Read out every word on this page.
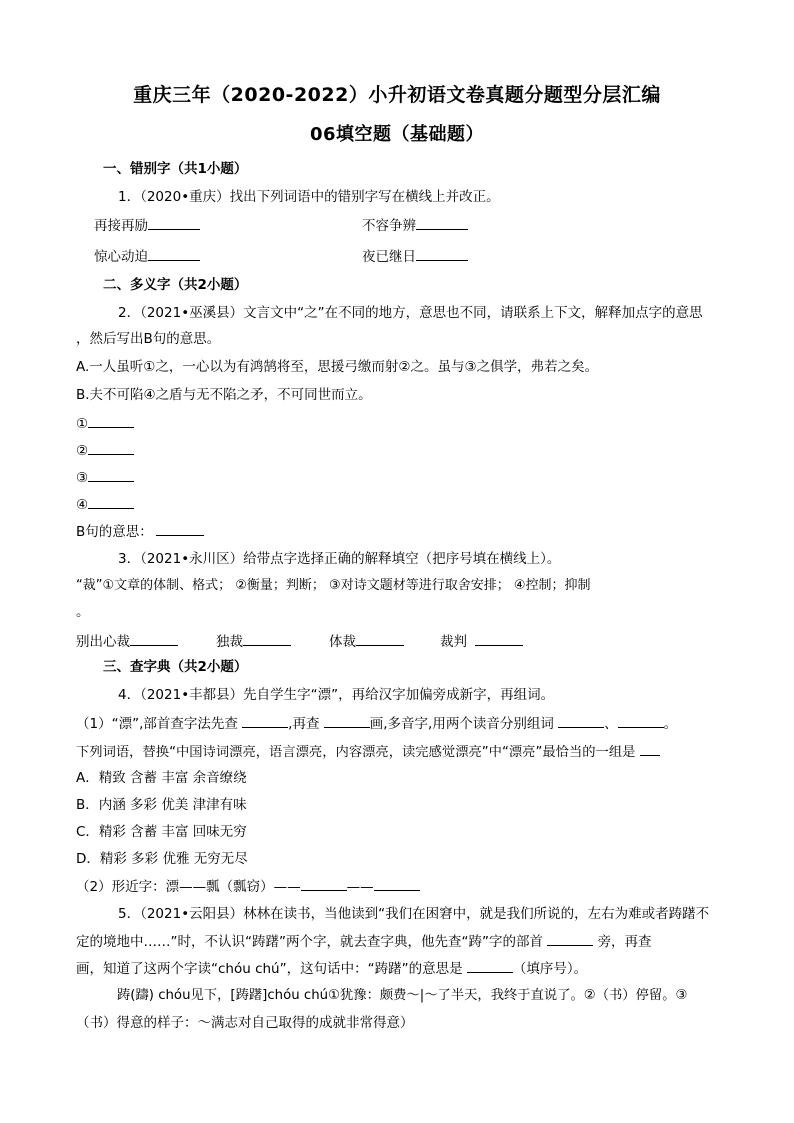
重庆三年（2020-2022）小升初语文卷真题分题型分层汇编
06填空题（基础题）
一、错别字（共1小题）
1．（2020•重庆）找出下列词语中的错别字写在横线上并改正。
再接再励	不容争辨
惊心动迫	夜已继日
二、多义字（共2小题）
2．（2021•巫溪县）文言文中“之”在不同的地方，意思也不同，请联系上下文，解释加点字的意思
，然后写出B句的意思。
A.一人虽听①之，一心以为有鸿鹄将至，思援弓缴而射②之。虽与③之俱学，弗若之矣。
B.夫不可陷④之盾与无不陷之矛，不可同世而立。
①
②
③
④
B句的意思：
3．（2021•永川区）给带点字选择正确的解释填空（把序号填在横线上）。
“裁”①文章的体制、格式； ②衡量；判断； ③对诗文题材等进行取舍安排； ④控制；抑制
。
别出心裁	独裁	体裁	裁判
三、查字典（共2小题）
4．（2021•丰都县）先自学生字“漂”，再给汉字加偏旁成新字，再组词。
（1）“漂”,部首查字法先查	,再查	画,多音字,用两个读音分别组词	、	。
下列词语，替换“中国诗词漂亮，语言漂亮，内容漂亮，读完感觉漂亮”中“漂亮”最恰当的一组是
A．精致 含蓄 丰富 余音缭绕
B．内涵 多彩 优美 津津有味
C．精彩 含蓄 丰富 回味无穷
D．精彩 多彩 优雅 无穷无尽
（2）形近字：漂——瓢（瓢窃）——	——
5．（2021•云阳县）林林在读书，当他读到“我们在困窘中，就是我们所说的，左右为难或者踌躇不
定的境地中……”时，不认识“踌躇”两个字，就去查字典，他先查“踌”字的部首	旁，再查
画，知道了这两个字读“chóu chú”，这句话中：“踌躇”的意思是	（填序号）。
踌(躊) chóu见下，[踌躇]chóu chú①犹豫：颇费～|～了半天，我终于直说了。②（书）停留。③
（书）得意的样子：～满志对自己取得的成就非常得意）
